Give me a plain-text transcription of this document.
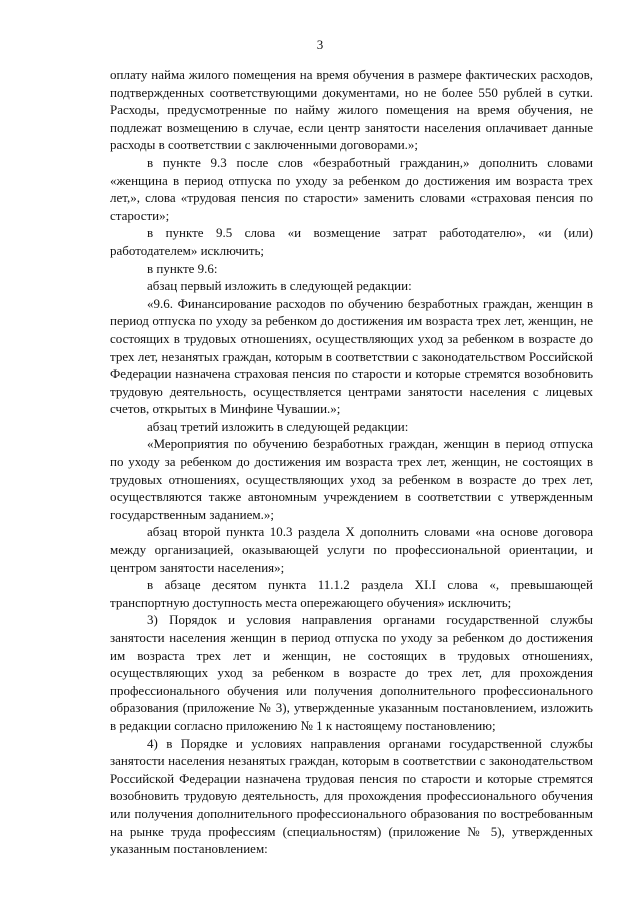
3

оплату найма жилого помещения на время обучения в размере фактических расходов, подтвержденных соответствующими документами, но не более 550 рублей в сутки. Расходы, предусмотренные по найму жилого помещения на время обучения, не подлежат возмещению в случае, если центр занятости населения оплачивает данные расходы в соответствии с заключенными договорами.»;

в пункте 9.3 после слов «безработный гражданин,» дополнить словами «женщина в период отпуска по уходу за ребенком до достижения им возраста трех лет,», слова «трудовая пенсия по старости» заменить словами «страховая пенсия по старости»;

в пункте 9.5 слова «и возмещение затрат работодателю», «и (или) работодателем» исключить;

в пункте 9.6:

абзац первый изложить в следующей редакции:

«9.6. Финансирование расходов по обучению безработных граждан, женщин в период отпуска по уходу за ребенком до достижения им возраста трех лет, женщин, не состоящих в трудовых отношениях, осуществляющих уход за ребенком в возрасте до трех лет, незанятых граждан, которым в соответствии с законодательством Российской Федерации назначена страховая пенсия по старости и которые стремятся возобновить трудовую деятельность, осуществляется центрами занятости населения с лицевых счетов, открытых в Минфине Чувашии.»;

абзац третий изложить в следующей редакции:

«Мероприятия по обучению безработных граждан, женщин в период отпуска по уходу за ребенком до достижения им возраста трех лет, женщин, не состоящих в трудовых отношениях, осуществляющих уход за ребенком в возрасте до трех лет, осуществляются также автономным учреждением в соответствии с утвержденным государственным заданием.»;

абзац второй пункта 10.3 раздела X дополнить словами «на основе договора между организацией, оказывающей услуги по профессиональной ориентации, и центром занятости населения»;

в абзаце десятом пункта 11.1.2 раздела XI.I слова «, превышающей транспортную доступность места опережающего обучения» исключить;

3) Порядок и условия направления органами государственной службы занятости населения женщин в период отпуска по уходу за ребенком до достижения им возраста трех лет и женщин, не состоящих в трудовых отношениях, осуществляющих уход за ребенком в возрасте до трех лет, для прохождения профессионального обучения или получения дополнительного профессионального образования (приложение № 3), утвержденные указанным постановлением, изложить в редакции согласно приложению № 1 к настоящему постановлению;

4) в Порядке и условиях направления органами государственной службы занятости населения незанятых граждан, которым в соответствии с законодательством Российской Федерации назначена трудовая пенсия по старости и которые стремятся возобновить трудовую деятельность, для прохождения профессионального обучения или получения дополнительного профессионального образования по востребованным на рынке труда профессиям (специальностям) (приложение № 5), утвержденных указанным постановлением:
